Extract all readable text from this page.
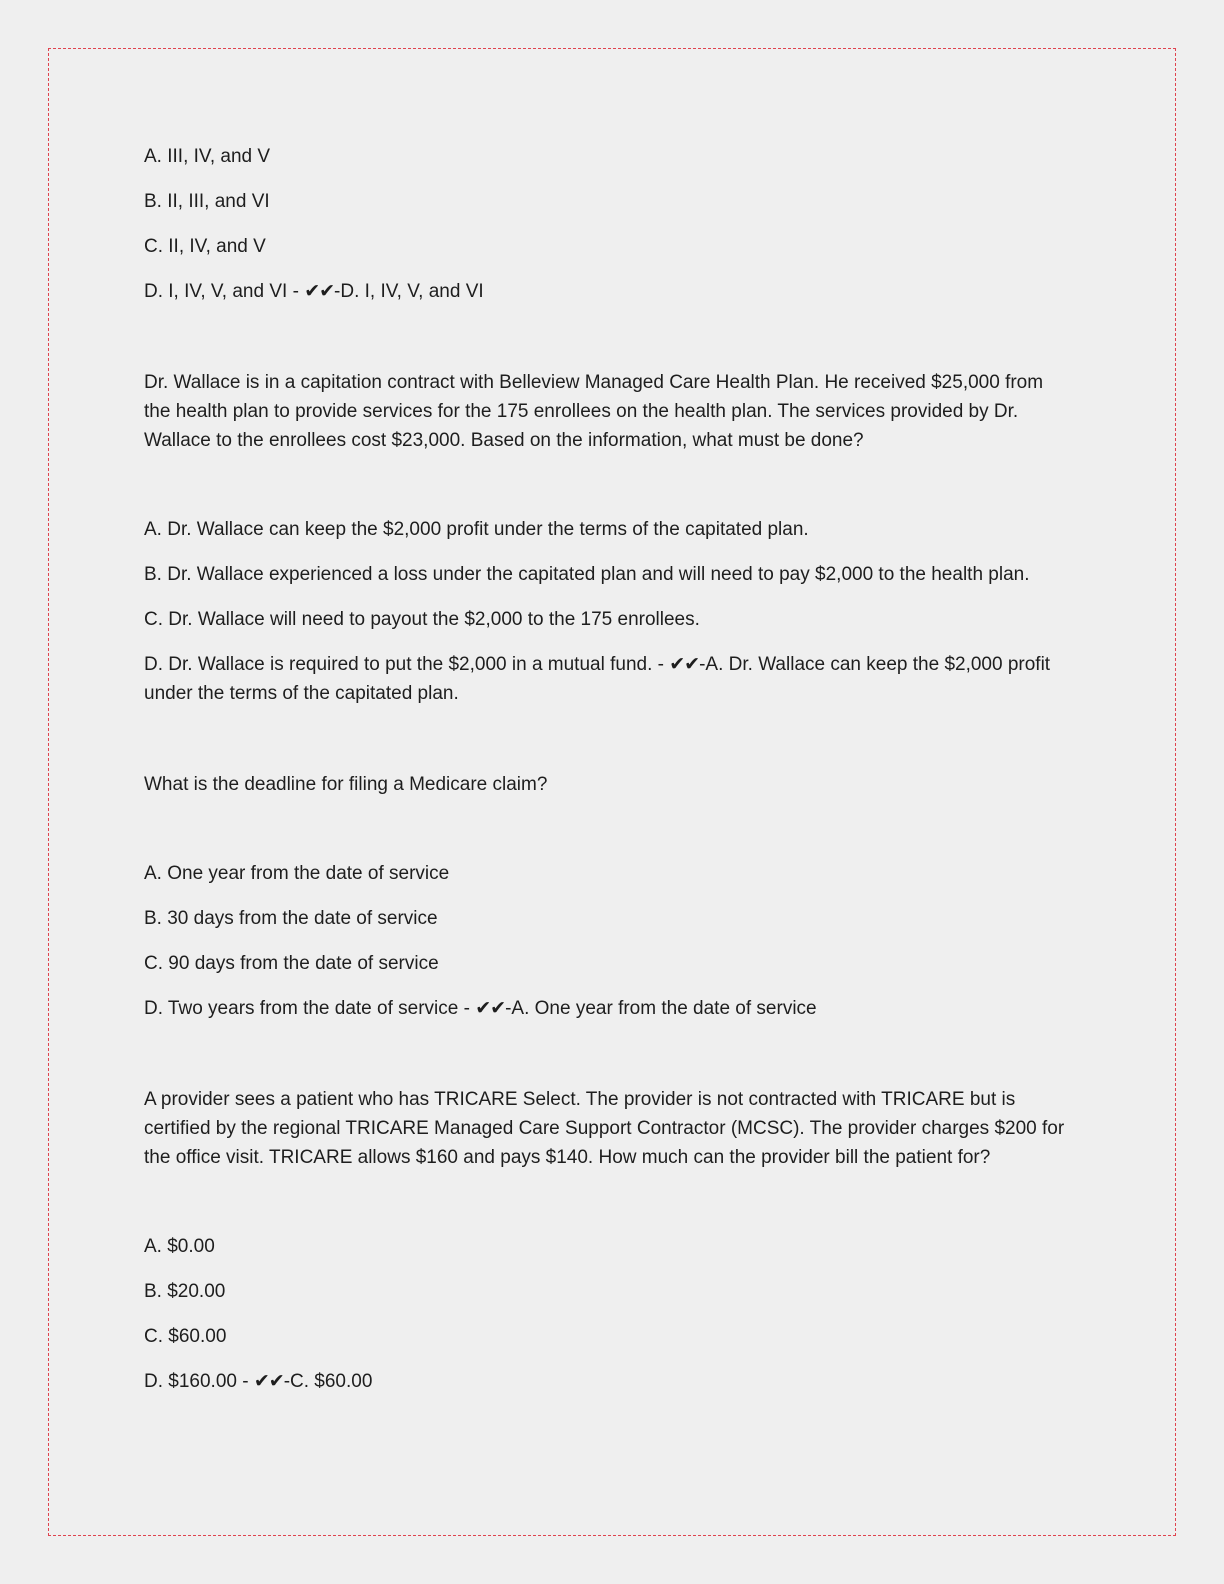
A. III, IV, and V

B. II, III, and VI

C. II, IV, and V

D. I, IV, V, and VI - ✔✔-D. I, IV, V, and VI

Dr. Wallace is in a capitation contract with Belleview Managed Care Health Plan. He received $25,000 from the health plan to provide services for the 175 enrollees on the health plan. The services provided by Dr. Wallace to the enrollees cost $23,000. Based on the information, what must be done?

A. Dr. Wallace can keep the $2,000 profit under the terms of the capitated plan.

B. Dr. Wallace experienced a loss under the capitated plan and will need to pay $2,000 to the health plan.

C. Dr. Wallace will need to payout the $2,000 to the 175 enrollees.

D. Dr. Wallace is required to put the $2,000 in a mutual fund. - ✔✔-A. Dr. Wallace can keep the $2,000 profit under the terms of the capitated plan.

What is the deadline for filing a Medicare claim?

A. One year from the date of service

B. 30 days from the date of service

C. 90 days from the date of service

D. Two years from the date of service - ✔✔-A. One year from the date of service

A provider sees a patient who has TRICARE Select. The provider is not contracted with TRICARE but is certified by the regional TRICARE Managed Care Support Contractor (MCSC). The provider charges $200 for the office visit. TRICARE allows $160 and pays $140. How much can the provider bill the patient for?

A. $0.00

B. $20.00

C. $60.00

D. $160.00 - ✔✔-C. $60.00
